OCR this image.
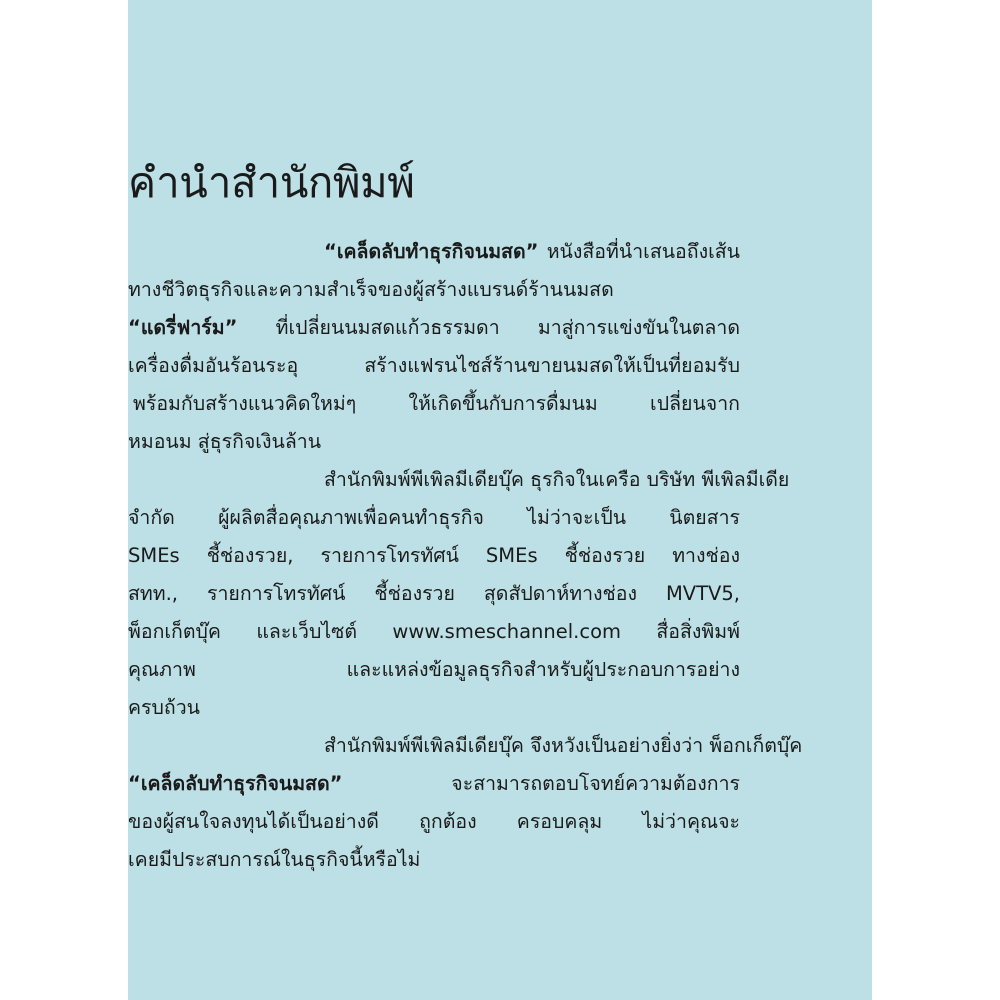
คำนำสำนักพิมพ์

“เคล็ดลับทำธุรกิจนมสด” หนังสือที่นำเสนอถึงเส้น

ทางชีวิตธุรกิจและความสำเร็จของผู้สร้างแบรนด์ร้านนมสด

“แดรี่ฟาร์ม” ที่เปลี่ยนนมสดแก้วธรรมดา มาสู่การแข่งขันในตลาด

เครื่องดื่มอันร้อนระอุ สร้างแฟรนไชส์ร้านขายนมสดให้เป็นที่ยอมรับ

พร้อมกับสร้างแนวคิดใหม่ๆ ให้เกิดขึ้นกับการดื่มนม เปลี่ยนจาก

หมอนม สู่ธุรกิจเงินล้าน

สำนักพิมพ์พีเพิลมีเดียบุ๊ค ธุรกิจในเครือ บริษัท พีเพิลมีเดีย

จำกัด ผู้ผลิตสื่อคุณภาพเพื่อคนทำธุรกิจ ไม่ว่าจะเป็น นิตยสาร

SMEs ชี้ช่องรวย, รายการโทรทัศน์ SMEs ชี้ช่องรวย ทางช่อง

สทท., รายการโทรทัศน์ ชี้ช่องรวย สุดสัปดาห์ทางช่อง MVTV5,

พ็อกเก็ตบุ๊ค และเว็บไซต์ www.smeschannel.com สื่อสิ่งพิมพ์

คุณภาพ และแหล่งข้อมูลธุรกิจสำหรับผู้ประกอบการอย่าง

ครบถ้วน

สำนักพิมพ์พีเพิลมีเดียบุ๊ค จึงหวังเป็นอย่างยิ่งว่า พ็อกเก็ตบุ๊ค

“เคล็ดลับทำธุรกิจนมสด” จะสามารถตอบโจทย์ความต้องการ

ของผู้สนใจลงทุนได้เป็นอย่างดี ถูกต้อง ครอบคลุม ไม่ว่าคุณจะ

เคยมีประสบการณ์ในธุรกิจนี้หรือไม่
